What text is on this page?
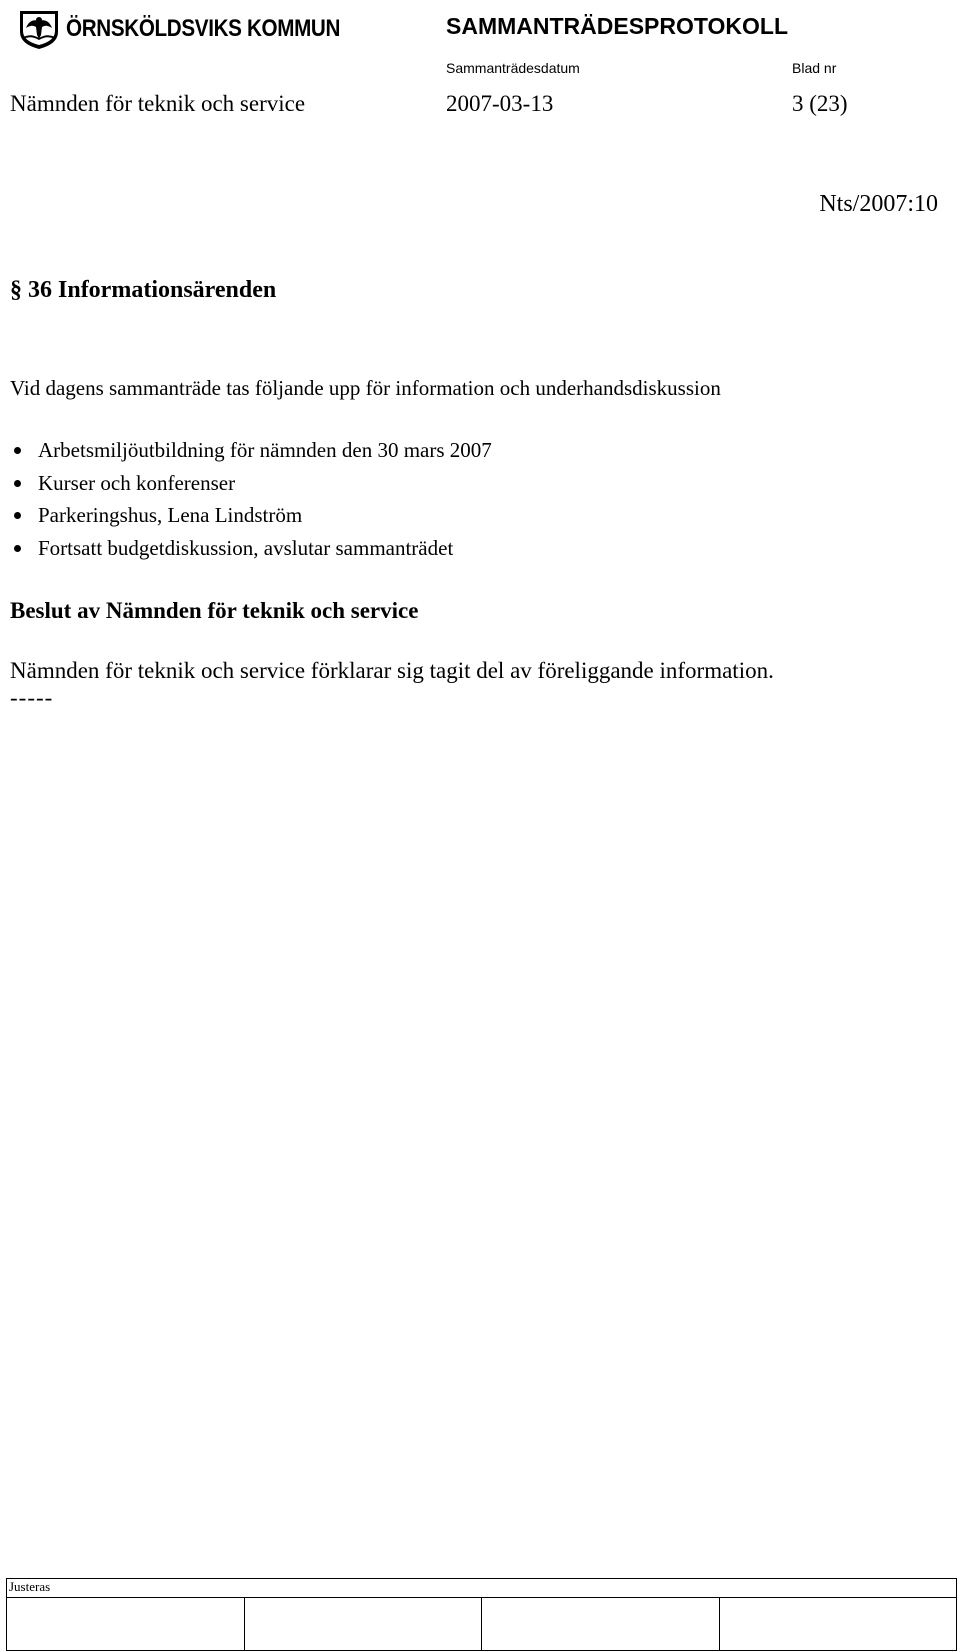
ÖRNSKÖLDSVIKS KOMMUN	SAMMANTRÄDESPROTOKOLL
Sammanträdesdatum	Blad nr
Nämnden för teknik och service	2007-03-13	3 (23)
Nts/2007:10
§ 36 Informationsärenden
Vid dagens sammanträde tas följande upp för information och underhandsdiskussion
Arbetsmiljöutbildning för nämnden den 30 mars 2007
Kurser och konferenser
Parkeringshus, Lena Lindström
Fortsatt budgetdiskussion, avslutar sammanträdet
Beslut av Nämnden för teknik och service
Nämnden för teknik och service förklarar sig tagit del av föreliggande information.
-----
Justeras
